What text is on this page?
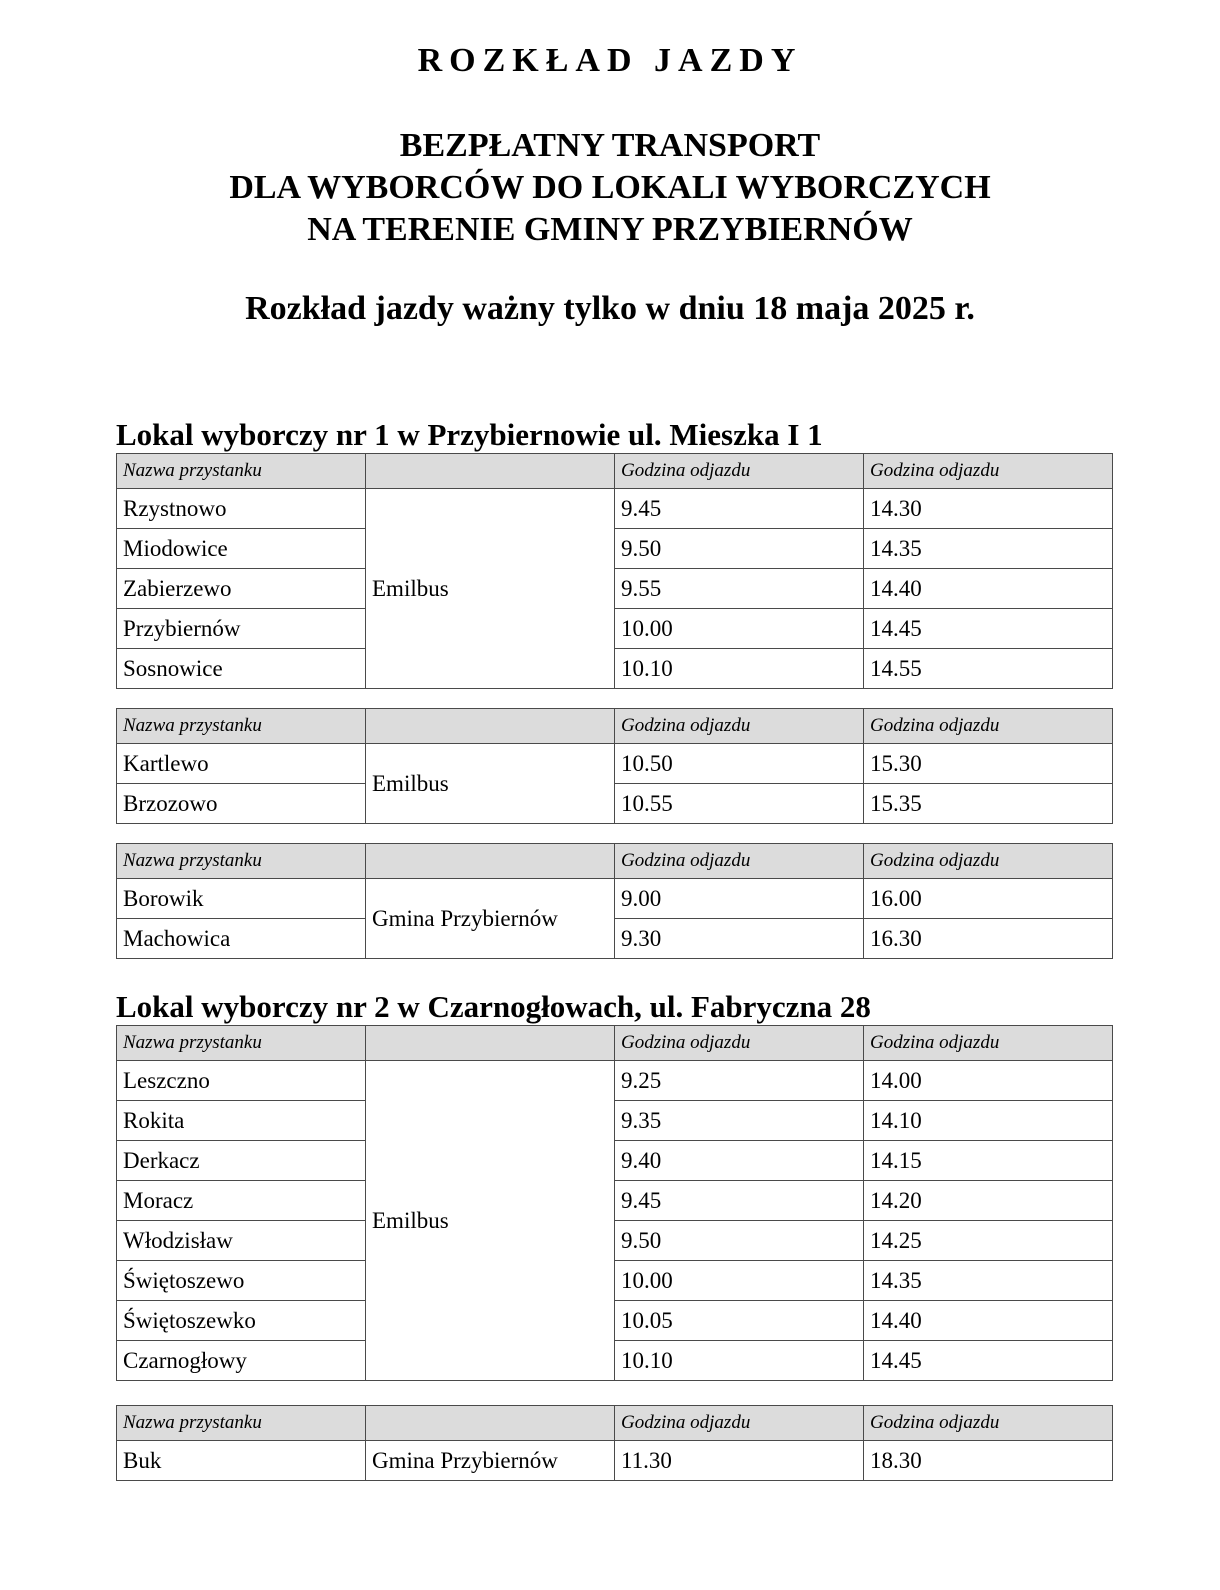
ROZKŁAD JAZDY
BEZPŁATNY TRANSPORT
DLA WYBORCÓW DO LOKALI WYBORCZYCH
NA TERENIE GMINY PRZYBIERNÓW
Rozkład jazdy ważny tylko w dniu 18 maja 2025 r.
Lokal wyborczy nr 1 w Przybiernowie ul. Mieszka I 1
Nazwa przystanku		Godzina odjazdu	Godzina odjazdu
Rzystnowo	Emilbus	9.45	14.30
Miodowice		9.50	14.35
Zabierzewo		9.55	14.40
Przybiernów		10.00	14.45
Sosnowice		10.10	14.55
Nazwa przystanku		Godzina odjazdu	Godzina odjazdu
Kartlewo	Emilbus	10.50	15.30
Brzozowo		10.55	15.35
Nazwa przystanku		Godzina odjazdu	Godzina odjazdu
Borowik	Gmina Przybiernów	9.00	16.00
Machowica		9.30	16.30
Lokal wyborczy nr 2 w Czarnogłowach, ul. Fabryczna 28
Nazwa przystanku		Godzina odjazdu	Godzina odjazdu
Leszczno	Emilbus	9.25	14.00
Rokita		9.35	14.10
Derkacz		9.40	14.15
Moracz		9.45	14.20
Włodzisław		9.50	14.25
Świętoszewo		10.00	14.35
Świętoszewko		10.05	14.40
Czarnogłowy		10.10	14.45
Nazwa przystanku		Godzina odjazdu	Godzina odjazdu
Buk	Gmina Przybiernów	11.30	18.30
